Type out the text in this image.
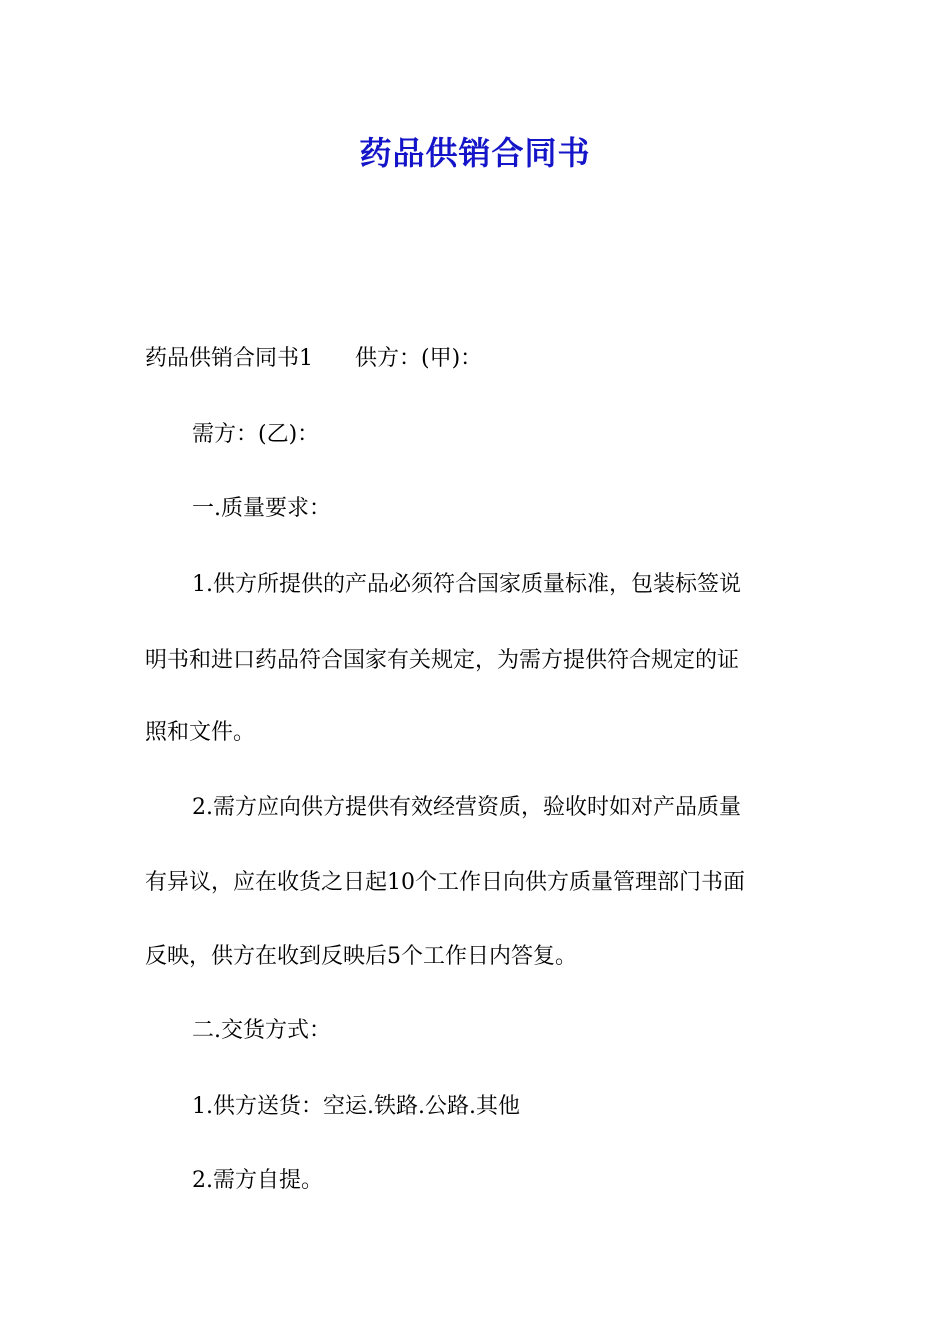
药品供销合同书
药品供销合同书1 供方：(甲)：
需方：(乙)：
一.质量要求：
1.供方所提供的产品必须符合国家质量标准，包装标签说
明书和进口药品符合国家有关规定，为需方提供符合规定的证
照和文件。
2.需方应向供方提供有效经营资质，验收时如对产品质量
有异议，应在收货之日起10个工作日向供方质量管理部门书面
反映，供方在收到反映后5个工作日内答复。
二.交货方式：
1.供方送货：空运.铁路.公路.其他
2.需方自提。
